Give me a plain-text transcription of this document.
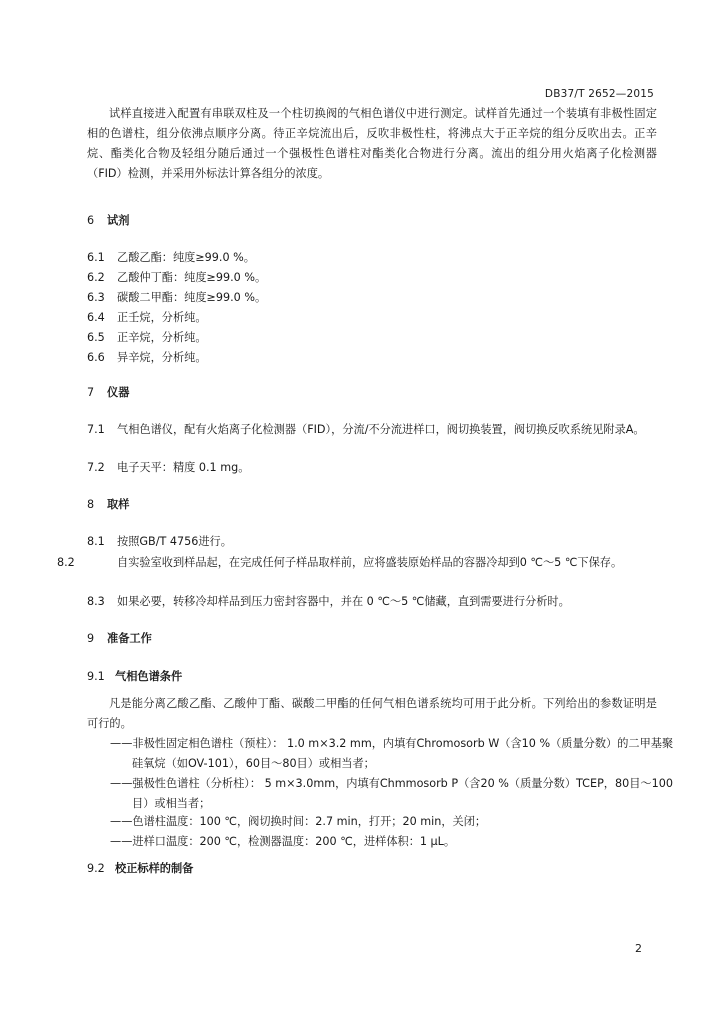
DB37/T 2652—2015

试样直接进入配置有串联双柱及一个柱切换阀的气相色谱仪中进行测定。试样首先通过一个装填有非极性固定相的色谱柱，组分依沸点顺序分离。待正辛烷流出后，反吹非极性柱，将沸点大于正辛烷的组分反吹出去。正辛烷、酯类化合物及轻组分随后通过一个强极性色谱柱对酯类化合物进行分离。流出的组分用火焰离子化检测器（FID）检测，并采用外标法计算各组分的浓度。

6 试剂
6.1 乙酸乙酯：纯度≥99.0 %。
6.2 乙酸仲丁酯：纯度≥99.0 %。
6.3 碳酸二甲酯：纯度≥99.0 %。
6.4 正壬烷，分析纯。
6.5 正辛烷，分析纯。
6.6 异辛烷，分析纯。
7 仪器
7.1 气相色谱仪，配有火焰离子化检测器（FID），分流/不分流进样口，阀切换装置，阀切换反吹系统见附录A。
7.2 电子天平：精度 0.1 mg。
8 取样
8.1 按照GB/T 4756进行。
8.2	自实验室收到样品起，在完成任何子样品取样前，应将盛装原始样品的容器冷却到0 ℃～5 ℃下保存。
8.3 如果必要，转移冷却样品到压力密封容器中，并在 0 ℃～5 ℃储藏，直到需要进行分析时。
9 准备工作
9.1 气相色谱条件

凡是能分离乙酸乙酯、乙酸仲丁酯、碳酸二甲酯的任何气相色谱系统均可用于此分析。下列给出的参数证明是可行的。

——非极性固定相色谱柱（预柱）： 1.0 m×3.2 mm，内填有Chromosorb W（含10 %（质量分数）的二甲基聚硅氧烷（如OV-101），60目～80目）或相当者；
——强极性色谱柱（分析柱）： 5 m×3.0mm，内填有Chmmosorb P（含20 %（质量分数）TCEP，80目～100目）或相当者；
——色谱柱温度：100 ℃，阀切换时间：2.7 min，打开；20 min，关闭；
——进样口温度：200 ℃，检测器温度：200 ℃，进样体积：1 μL。
9.2 校正标样的制备
2
